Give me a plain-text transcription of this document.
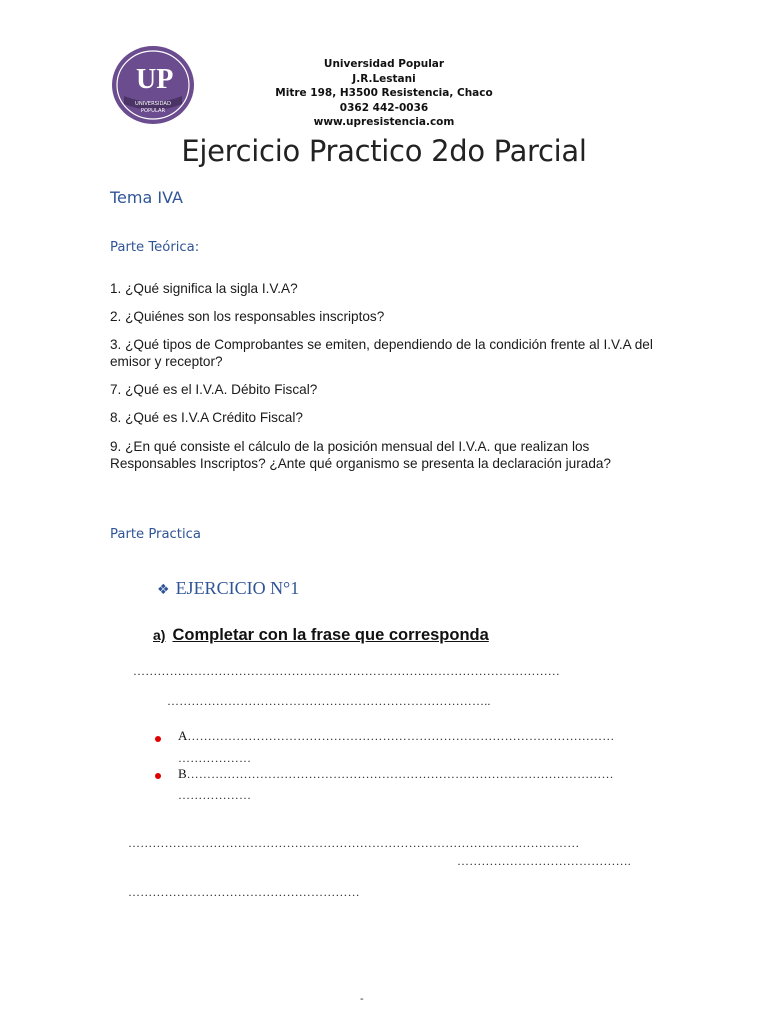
UP
UNIVERSIDAD
POPULAR
Universidad Popular
J.R.Lestani
Mitre 198, H3500 Resistencia, Chaco
0362 442-0036
www.upresistencia.com
Ejercicio Practico 2do Parcial
Tema IVA
Parte Teórica:
1. ¿Qué significa la sigla I.V.A?
2. ¿Quiénes son los responsables inscriptos?
3. ¿Qué tipos de Comprobantes se emiten, dependiendo de la condición frente al I.V.A del emisor y receptor?
7. ¿Qué es el I.V.A. Débito Fiscal?
8. ¿Qué es I.V.A Crédito Fiscal?
9. ¿En qué consiste el cálculo de la posición mensual del I.V.A. que realizan los Responsables Inscriptos? ¿Ante qué organismo se presenta la declaración jurada?
Parte Practica
❖ EJERCICIO N°1
a) Completar con la frase que corresponda
……………………………………………………………………………………………
……………………………………………………………………..
A……………………………………………………………………………………………
………………
B……………………………………………………………………………………………
………………
…………………………………………………………………………………………………
…………………………………….
…………………………………………………
-
